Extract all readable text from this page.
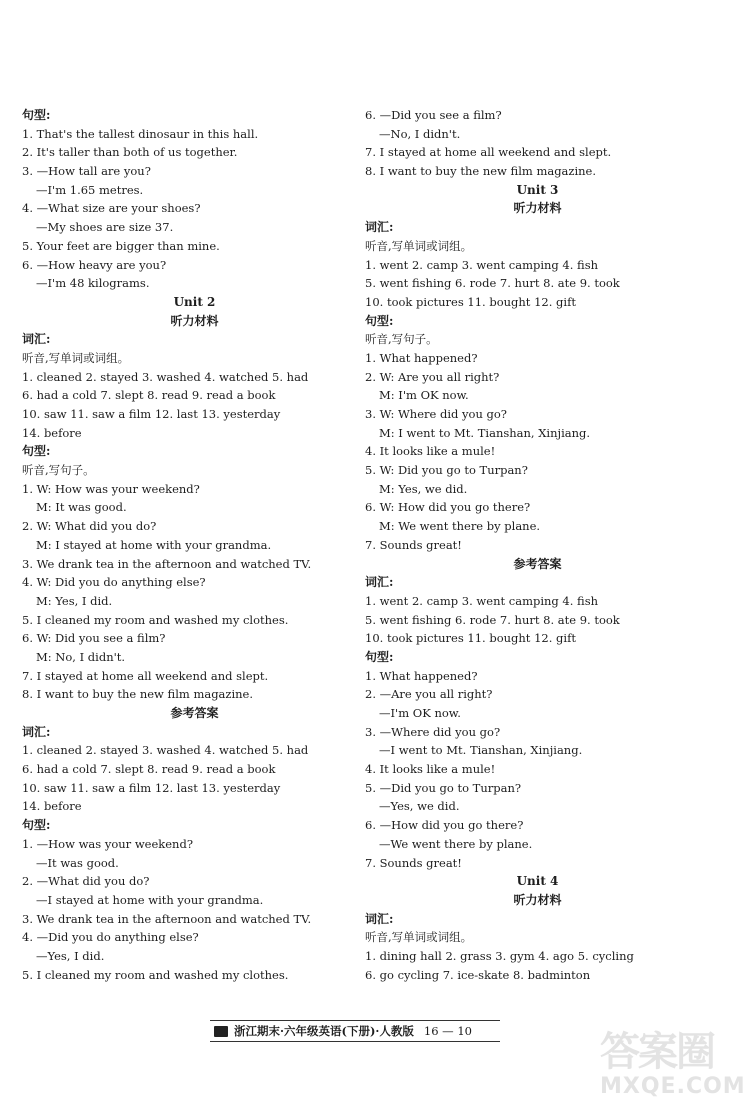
句型:
1. That's the tallest dinosaur in this hall.
2. It's taller than both of us together.
3. —How tall are you?
—I'm 1.65 metres.
4. —What size are your shoes?
—My shoes are size 37.
5. Your feet are bigger than mine.
6. —How heavy are you?
—I'm 48 kilograms.
Unit 2
听力材料
词汇:
听音,写单词或词组。
1. cleaned 2. stayed 3. washed 4. watched 5. had
6. had a cold 7. slept 8. read 9. read a book
10. saw 11. saw a film 12. last 13. yesterday
14. before
句型:
听音,写句子。
1. W: How was your weekend?
M: It was good.
2. W: What did you do?
M: I stayed at home with your grandma.
3. We drank tea in the afternoon and watched TV.
4. W: Did you do anything else?
M: Yes, I did.
5. I cleaned my room and washed my clothes.
6. W: Did you see a film?
M: No, I didn't.
7. I stayed at home all weekend and slept.
8. I want to buy the new film magazine.
参考答案
词汇:
1. cleaned 2. stayed 3. washed 4. watched 5. had
6. had a cold 7. slept 8. read 9. read a book
10. saw 11. saw a film 12. last 13. yesterday
14. before
句型:
1. —How was your weekend?
—It was good.
2. —What did you do?
—I stayed at home with your grandma.
3. We drank tea in the afternoon and watched TV.
4. —Did you do anything else?
—Yes, I did.
5. I cleaned my room and washed my clothes.
6. —Did you see a film?
—No, I didn't.
7. I stayed at home all weekend and slept.
8. I want to buy the new film magazine.
Unit 3
听力材料
词汇:
听音,写单词或词组。
1. went 2. camp 3. went camping 4. fish
5. went fishing 6. rode 7. hurt 8. ate 9. took
10. took pictures 11. bought 12. gift
句型:
听音,写句子。
1. What happened?
2. W: Are you all right?
M: I'm OK now.
3. W: Where did you go?
M: I went to Mt. Tianshan, Xinjiang.
4. It looks like a mule!
5. W: Did you go to Turpan?
M: Yes, we did.
6. W: How did you go there?
M: We went there by plane.
7. Sounds great!
参考答案
词汇:
1. went 2. camp 3. went camping 4. fish
5. went fishing 6. rode 7. hurt 8. ate 9. took
10. took pictures 11. bought 12. gift
句型:
1. What happened?
2. —Are you all right?
—I'm OK now.
3. —Where did you go?
—I went to Mt. Tianshan, Xinjiang.
4. It looks like a mule!
5. —Did you go to Turpan?
—Yes, we did.
6. —How did you go there?
—We went there by plane.
7. Sounds great!
Unit 4
听力材料
词汇:
听音,写单词或词组。
1. dining hall 2. grass 3. gym 4. ago 5. cycling
6. go cycling 7. ice-skate 8. badminton
浙江期末·六年级英语(下册)·人教版 16 — 10	答案圈
MXQE.COM
